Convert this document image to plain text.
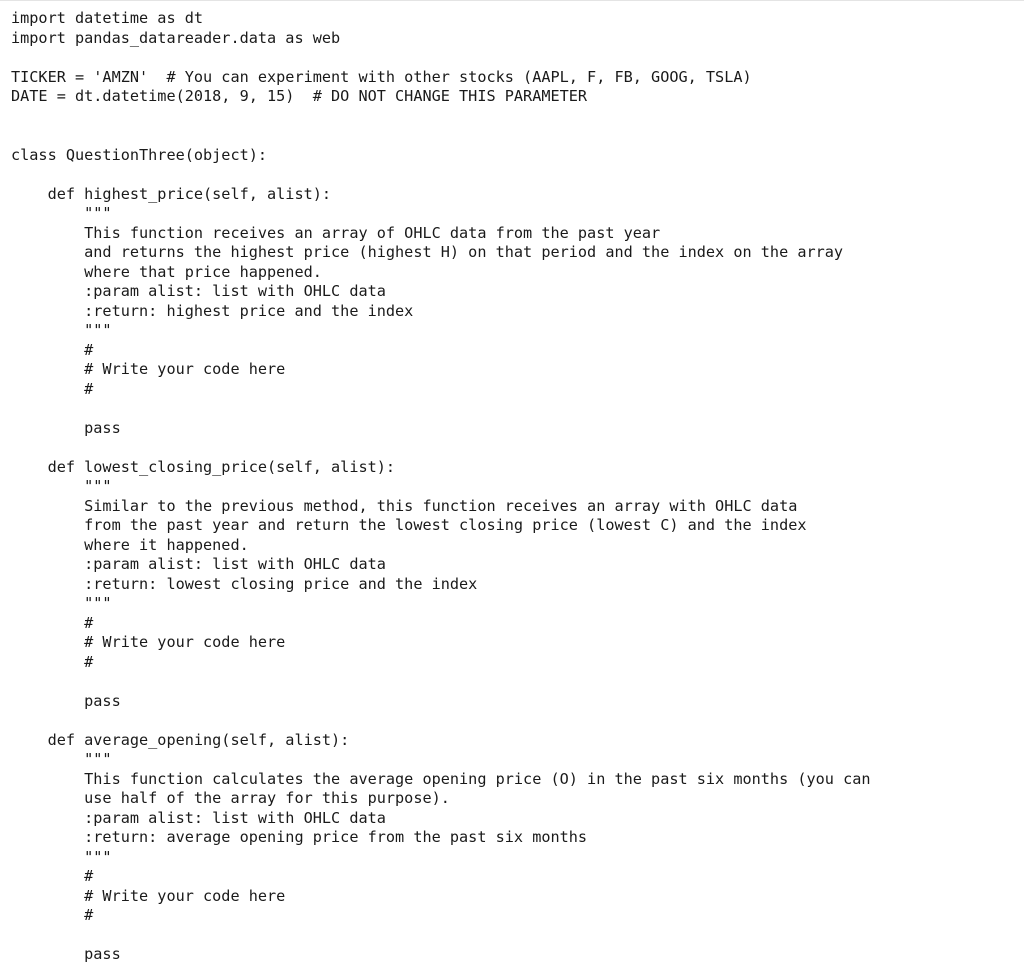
import datetime as dt
import pandas_datareader.data as web
TICKER = 'AMZN'  # You can experiment with other stocks (AAPL, F, FB, GOOG, TSLA)
DATE = dt.datetime(2018, 9, 15)  # DO NOT CHANGE THIS PARAMETER
class QuestionThree(object):
def highest_price(self, alist):
"""
This function receives an array of OHLC data from the past year
and returns the highest price (highest H) on that period and the index on the array
where that price happened.
:param alist: list with OHLC data
:return: highest price and the index
"""
#
# Write your code here
#
pass
def lowest_closing_price(self, alist):
"""
Similar to the previous method, this function receives an array with OHLC data
from the past year and return the lowest closing price (lowest C) and the index
where it happened.
:param alist: list with OHLC data
:return: lowest closing price and the index
"""
#
# Write your code here
#
pass
def average_opening(self, alist):
"""
This function calculates the average opening price (O) in the past six months (you can
use half of the array for this purpose).
:param alist: list with OHLC data
:return: average opening price from the past six months
"""
#
# Write your code here
#
pass
